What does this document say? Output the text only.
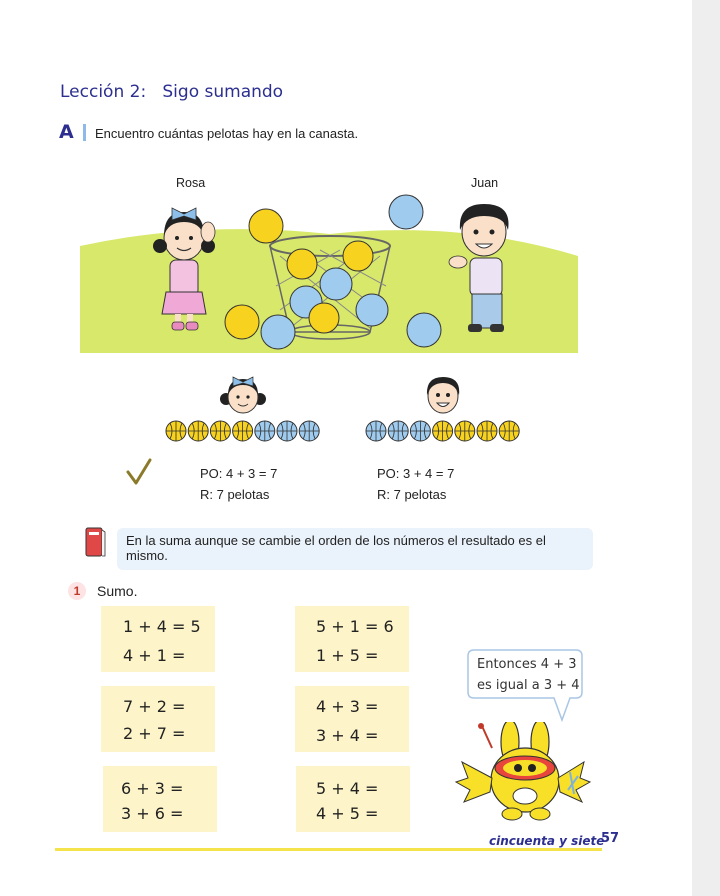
Lección 2: Sigo sumando
A Encuentro cuántas pelotas hay en la canasta.
Rosa	Juan
PO: 4 + 3 = 7
R: 7 pelotas
PO: 3 + 4 = 7
R: 7 pelotas
En la suma aunque se cambie el orden de los números el resultado es el mismo.
1	Sumo.
1 + 4 = 5
4 + 1 =
5 + 1 = 6
1 + 5 =
7 + 2 =
2 + 7 =
4 + 3 =
3 + 4 =
6 + 3 =
3 + 6 =
5 + 4 =
4 + 5 =
Entonces 4 + 3
es igual a 3 + 4
cincuenta y siete
57
